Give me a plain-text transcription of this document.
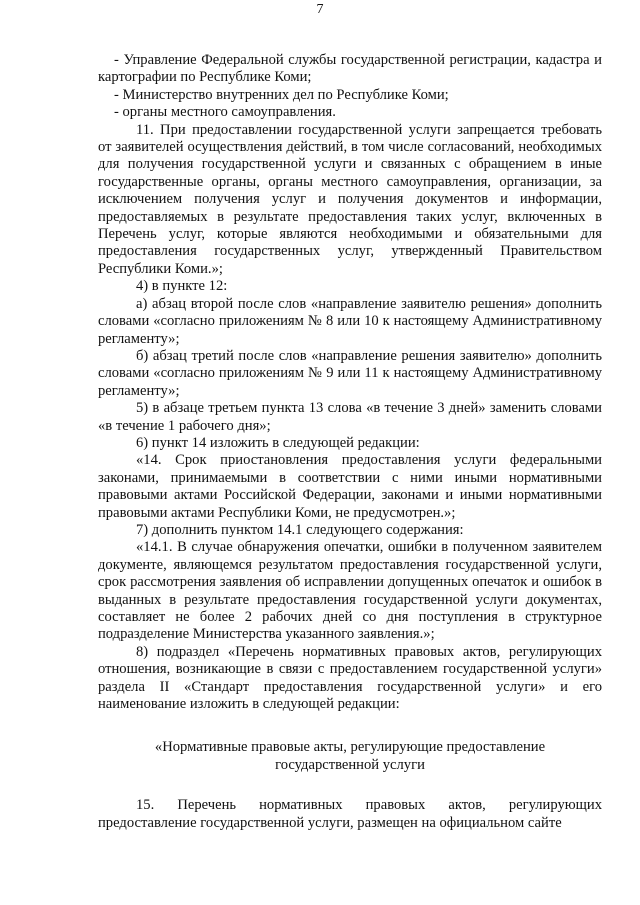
7

- Управление Федеральной службы государственной регистрации, кадастра и картографии по Республике Коми;

- Министерство внутренних дел по Республике Коми;

- органы местного самоуправления.

11. При предоставлении государственной услуги запрещается требовать от заявителей осуществления действий, в том числе согласований, необходимых для получения государственной услуги и связанных с обращением в иные государственные органы, органы местного самоуправления, организации, за исключением получения услуг и получения документов и информации, предоставляемых в результате предоставления таких услуг, включенных в Перечень услуг, которые являются необходимыми и обязательными для предоставления государственных услуг, утвержденный Правительством Республики Коми.»;

4) в пункте 12:

а) абзац второй после слов «направление заявителю решения» дополнить словами «согласно приложениям № 8 или 10 к настоящему Административному регламенту»;

б) абзац третий после слов «направление решения заявителю» дополнить словами «согласно приложениям № 9 или 11 к настоящему Административному регламенту»;

5) в абзаце третьем пункта 13 слова «в течение 3 дней» заменить словами «в течение 1 рабочего дня»;

6) пункт 14 изложить в следующей редакции:

«14. Срок приостановления предоставления услуги федеральными законами, принимаемыми в соответствии с ними иными нормативными правовыми актами Российской Федерации, законами и иными нормативными правовыми актами Республики Коми, не предусмотрен.»;

7) дополнить пунктом 14.1 следующего содержания:

«14.1. В случае обнаружения опечатки, ошибки в полученном заявителем документе, являющемся результатом предоставления государственной услуги, срок рассмотрения заявления об исправлении допущенных опечаток и ошибок в выданных в результате предоставления государственной услуги документах, составляет не более 2 рабочих дней со дня поступления в структурное подразделение Министерства указанного заявления.»;

8) подраздел «Перечень нормативных правовых актов, регулирующих отношения, возникающие в связи с предоставлением государственной услуги» раздела II «Стандарт предоставления государственной услуги» и его наименование изложить в следующей редакции:

«Нормативные правовые акты, регулирующие предоставление государственной услуги

15. Перечень нормативных правовых актов, регулирующих предоставление государственной услуги, размещен на официальном сайте
